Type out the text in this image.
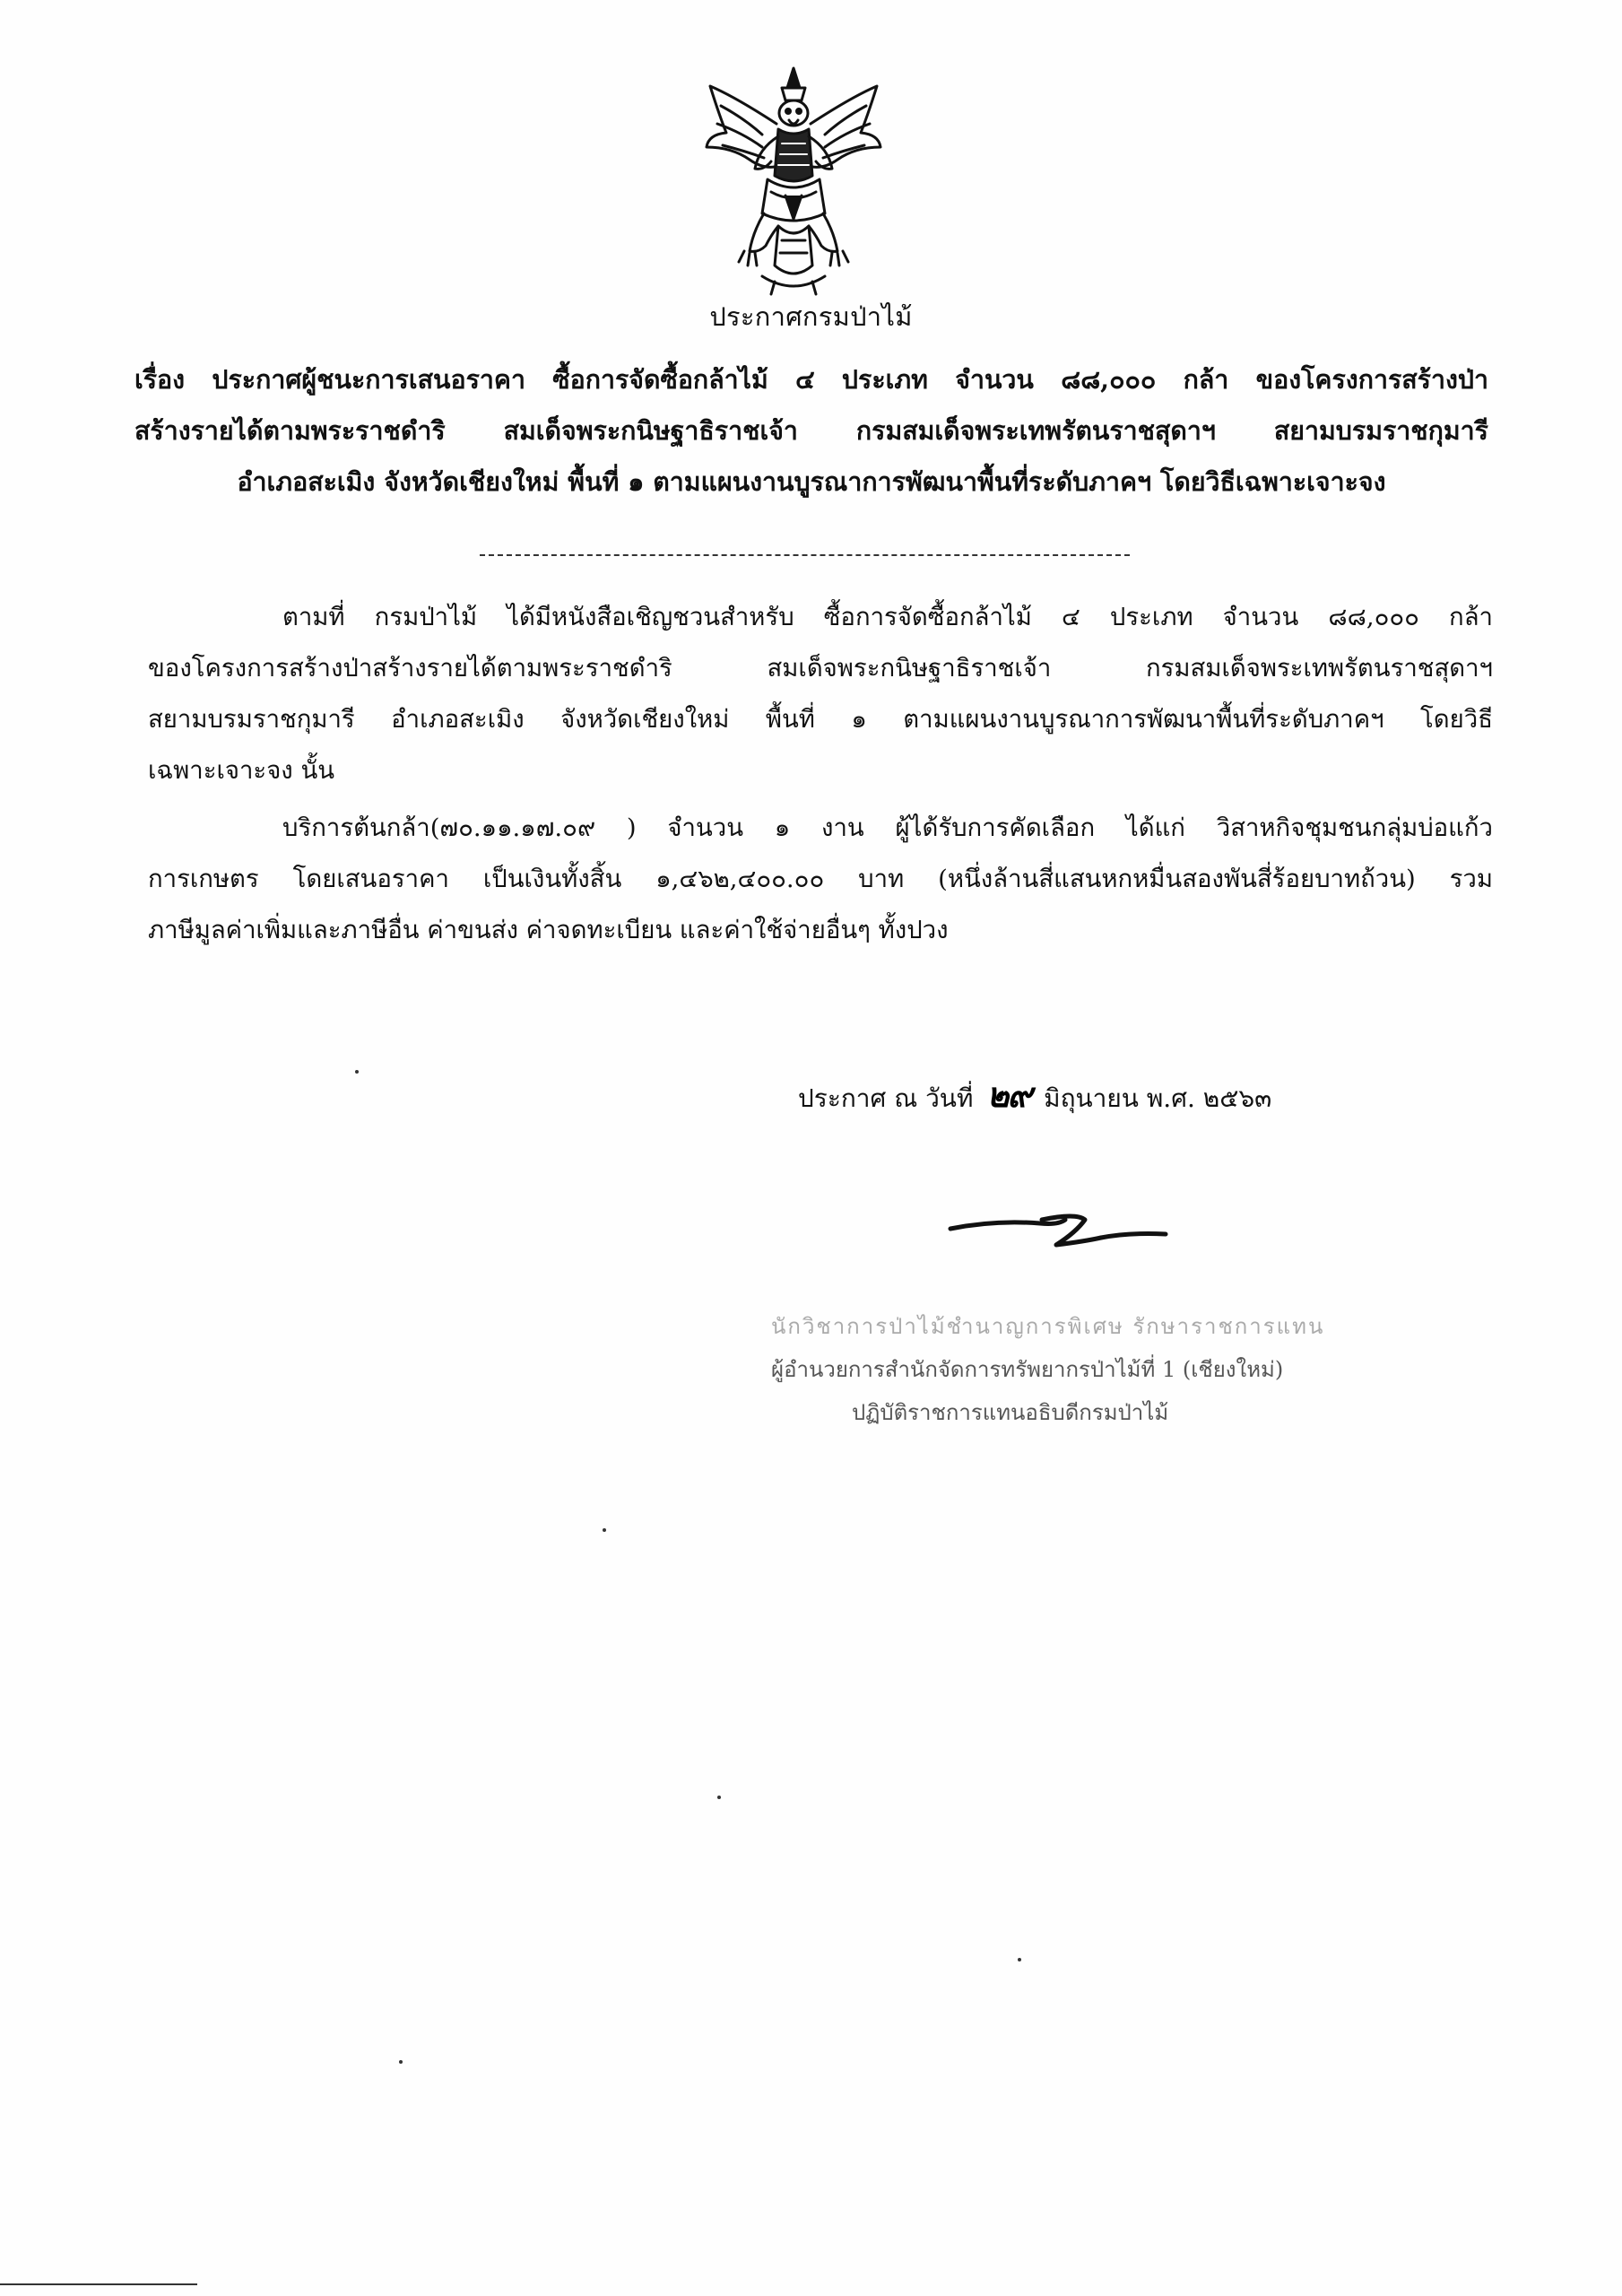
ประกาศกรมป่าไม้
เรื่อง ประกาศผู้ชนะการเสนอราคา ซื้อการจัดซื้อกล้าไม้ ๔ ประเภท จำนวน ๘๘,๐๐๐ กล้า ของโครงการสร้างป่า
สร้างรายได้ตามพระราชดำริ สมเด็จพระกนิษฐาธิราชเจ้า กรมสมเด็จพระเทพรัตนราชสุดาฯ สยามบรมราชกุมารี
อำเภอสะเมิง จังหวัดเชียงใหม่ พื้นที่ ๑ ตามแผนงานบูรณาการพัฒนาพื้นที่ระดับภาคฯ โดยวิธีเฉพาะเจาะจง
ตามที่ กรมป่าไม้ ได้มีหนังสือเชิญชวนสำหรับ ซื้อการจัดซื้อกล้าไม้ ๔ ประเภท จำนวน ๘๘,๐๐๐ กล้า
ของโครงการสร้างป่าสร้างรายได้ตามพระราชดำริ สมเด็จพระกนิษฐาธิราชเจ้า กรมสมเด็จพระเทพรัตนราชสุดาฯ
สยามบรมราชกุมารี อำเภอสะเมิง จังหวัดเชียงใหม่ พื้นที่ ๑ ตามแผนงานบูรณาการพัฒนาพื้นที่ระดับภาคฯ โดยวิธี
เฉพาะเจาะจง นั้น
บริการต้นกล้า(๗๐.๑๑.๑๗.๐๙ ) จำนวน ๑ งาน ผู้ได้รับการคัดเลือก ได้แก่ วิสาหกิจชุมชนกลุ่มบ่อแก้ว
การเกษตร โดยเสนอราคา เป็นเงินทั้งสิ้น ๑,๔๖๒,๔๐๐.๐๐ บาท (หนึ่งล้านสี่แสนหกหมื่นสองพันสี่ร้อยบาทถ้วน) รวม
ภาษีมูลค่าเพิ่มและภาษีอื่น ค่าขนส่ง ค่าจดทะเบียน และค่าใช้จ่ายอื่นๆ ทั้งปวง
ประกาศ ณ วันที่ ๒๙ มิถุนายน พ.ศ. ๒๕๖๓
นักวิชาการป่าไม้ชำนาญการพิเศษ รักษาราชการแทน
ผู้อำนวยการสำนักจัดการทรัพยากรป่าไม้ที่ 1 (เชียงใหม่)
ปฏิบัติราชการแทนอธิบดีกรมป่าไม้
